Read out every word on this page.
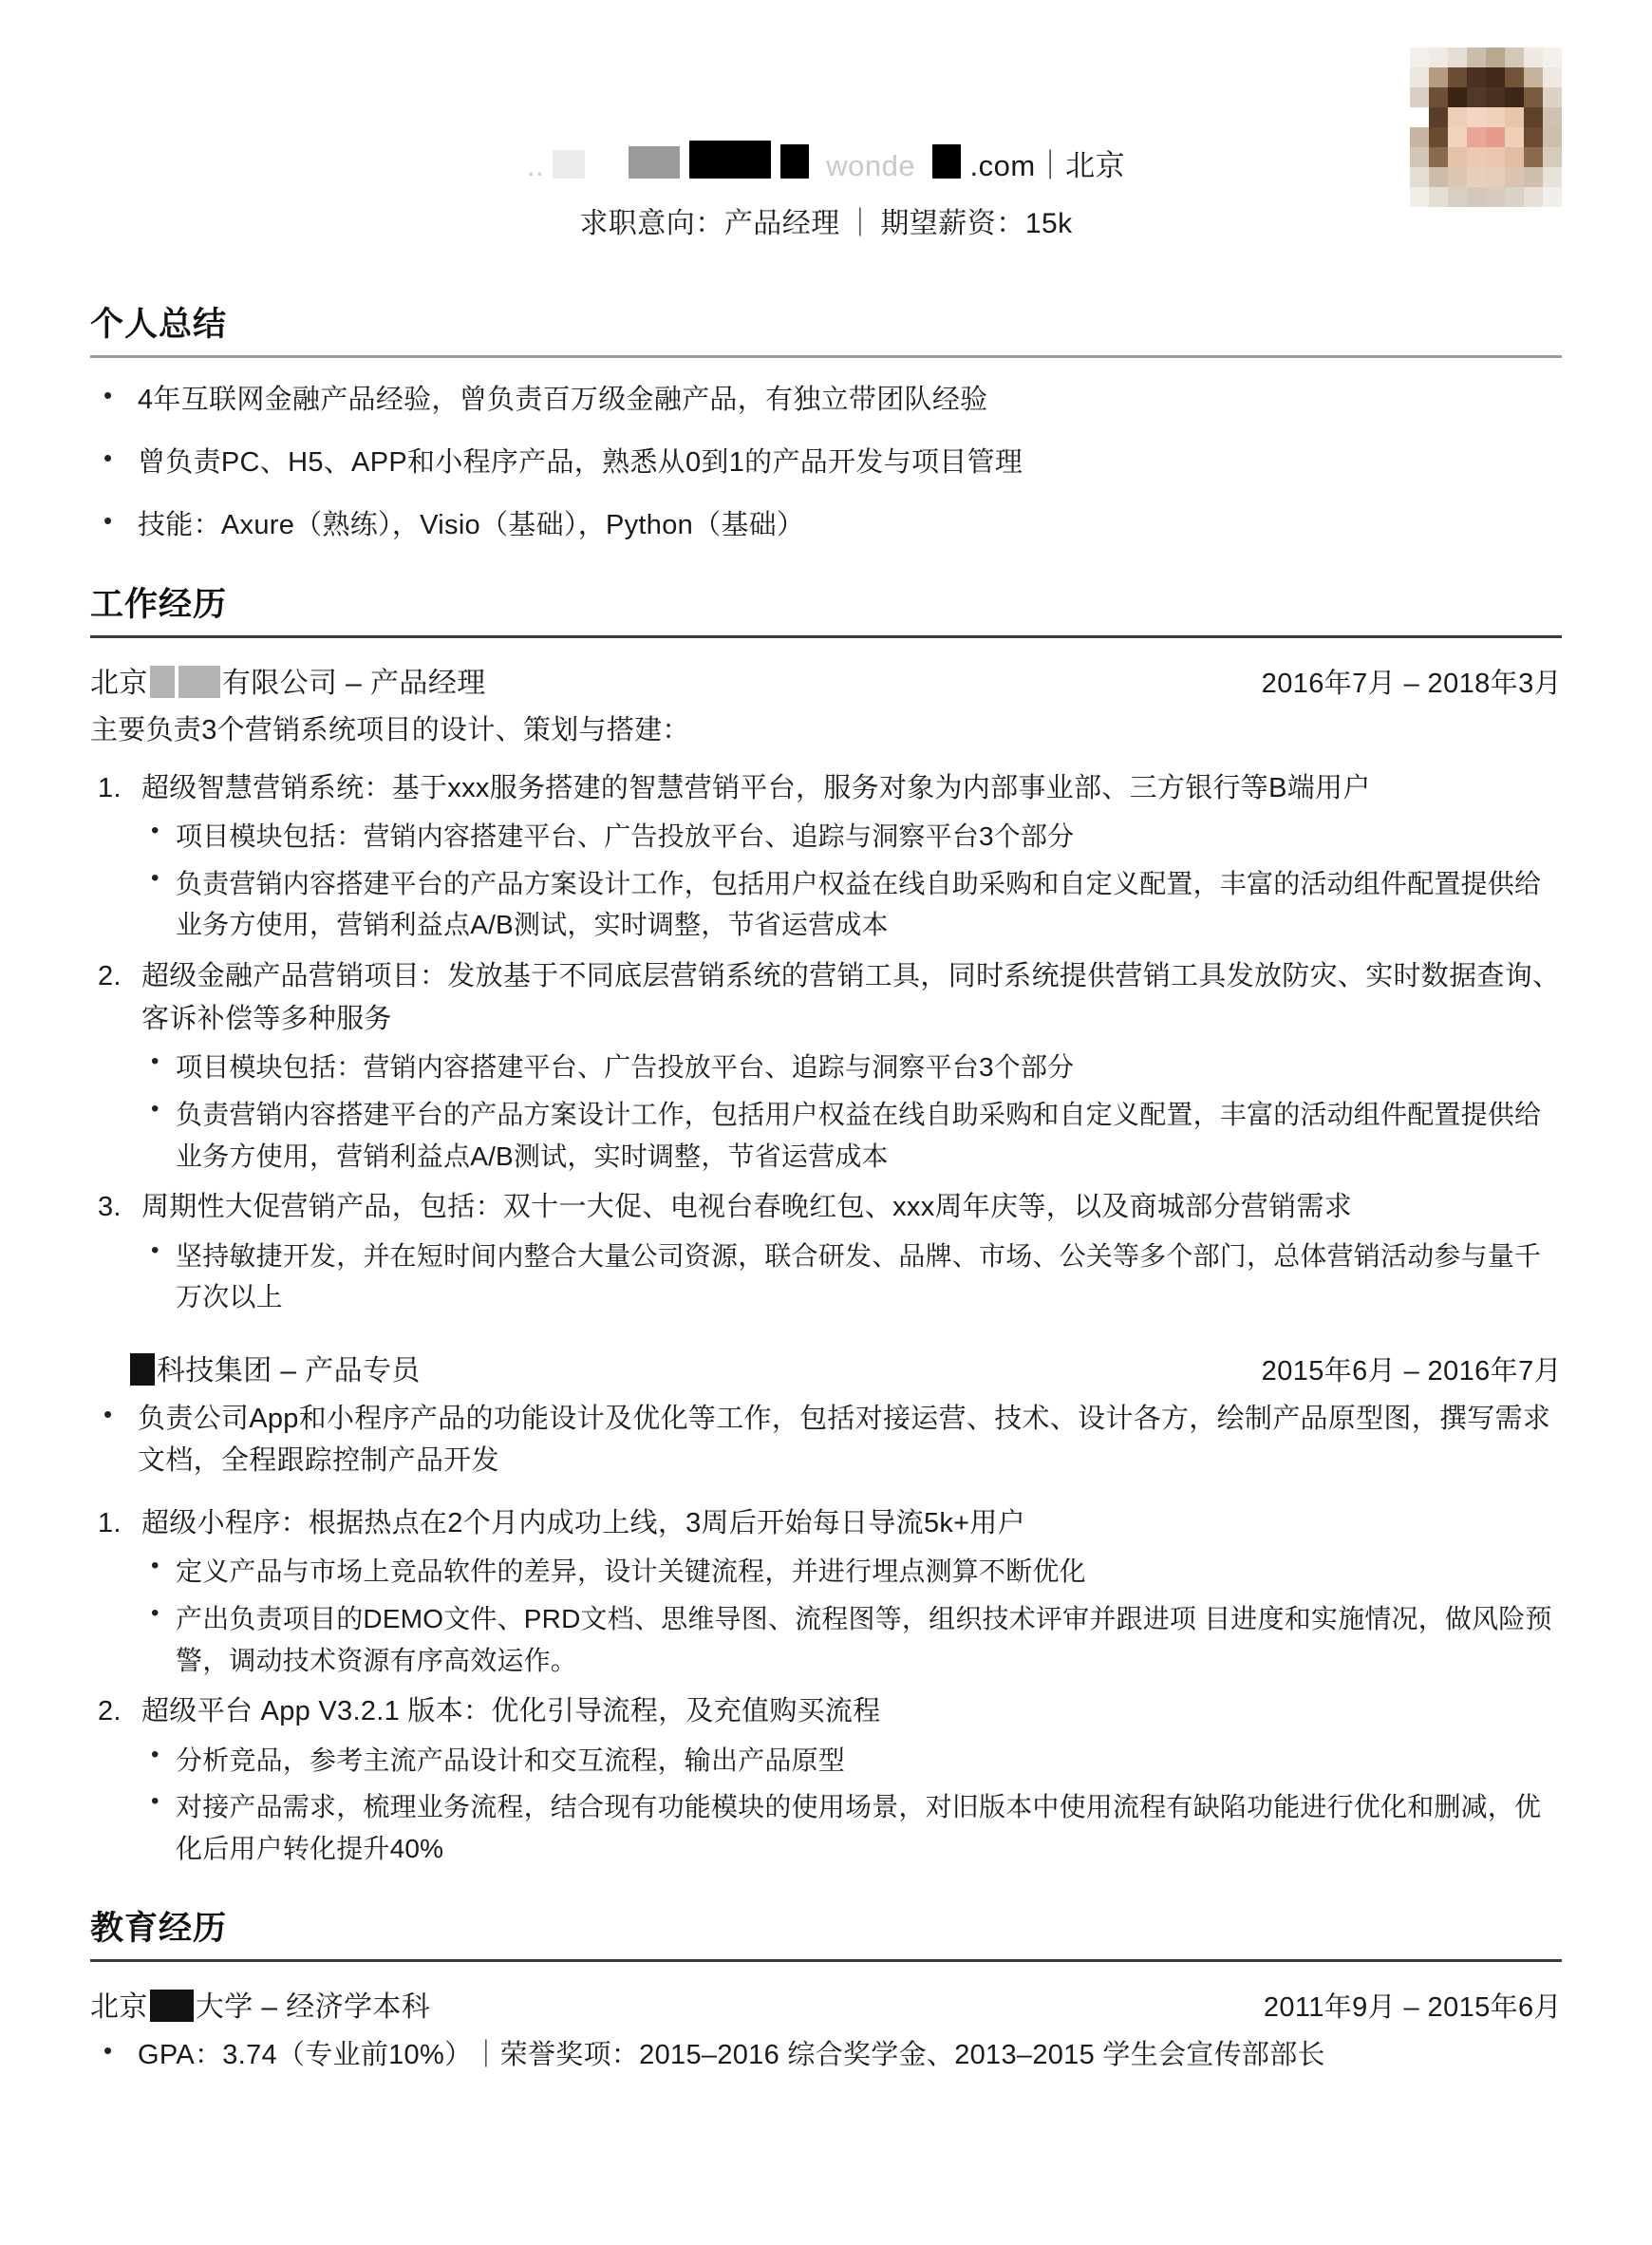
..	wonde   .com｜北京
求职意向：产品经理 ｜ 期望薪资：15k
个人总结
• 4年互联网金融产品经验，曾负责百万级金融产品，有独立带团队经验
• 曾负责PC、H5、APP和小程序产品，熟悉从0到1的产品开发与项目管理
• 技能：Axure（熟练），Visio（基础），Python（基础）
工作经历
北京	有限公司 – 产品经理	2016年7月 – 2018年3月

主要负责3个营销系统项目的设计、策划与搭建：

1. 超级智慧营销系统：基于xxx服务搭建的智慧营销平台，服务对象为内部事业部、三方银行等B端用户
• 项目模块包括：营销内容搭建平台、广告投放平台、追踪与洞察平台3个部分
• 负责营销内容搭建平台的产品方案设计工作，包括用户权益在线自助采购和自定义配置，丰富的活动组件配置提供给业务方使用，营销利益点A/B测试，实时调整，节省运营成本
2. 超级金融产品营销项目：发放基于不同底层营销系统的营销工具，同时系统提供营销工具发放防灾、实时数据查询、客诉补偿等多种服务
• 项目模块包括：营销内容搭建平台、广告投放平台、追踪与洞察平台3个部分
• 负责营销内容搭建平台的产品方案设计工作，包括用户权益在线自助采购和自定义配置，丰富的活动组件配置提供给业务方使用，营销利益点A/B测试，实时调整，节省运营成本
3. 周期性大促营销产品，包括：双十一大促、电视台春晚红包、xxx周年庆等，以及商城部分营销需求
• 坚持敏捷开发，并在短时间内整合大量公司资源，联合研发、品牌、市场、公关等多个部门，总体营销活动参与量千万次以上
科技集团 – 产品专员	2015年6月 – 2016年7月
• 负责公司App和小程序产品的功能设计及优化等工作，包括对接运营、技术、设计各方，绘制产品原型图，撰写需求文档，全程跟踪控制产品开发
1. 超级小程序：根据热点在2个月内成功上线，3周后开始每日导流5k+用户
• 定义产品与市场上竞品软件的差异，设计关键流程，并进行埋点测算不断优化
• 产出负责项目的DEMO文件、PRD文档、思维导图、流程图等，组织技术评审并跟进项 目进度和实施情况，做风险预警，调动技术资源有序高效运作。
2. 超级平台 App V3.2.1 版本：优化引导流程，及充值购买流程
• 分析竞品，参考主流产品设计和交互流程，输出产品原型
• 对接产品需求，梳理业务流程，结合现有功能模块的使用场景，对旧版本中使用流程有缺陷功能进行优化和删减，优化后用户转化提升40%
教育经历
北京 大学 – 经济学本科	2011年9月 – 2015年6月
• GPA：3.74（专业前10%）｜荣誉奖项：2015–2016 综合奖学金、2013–2015 学生会宣传部部长
